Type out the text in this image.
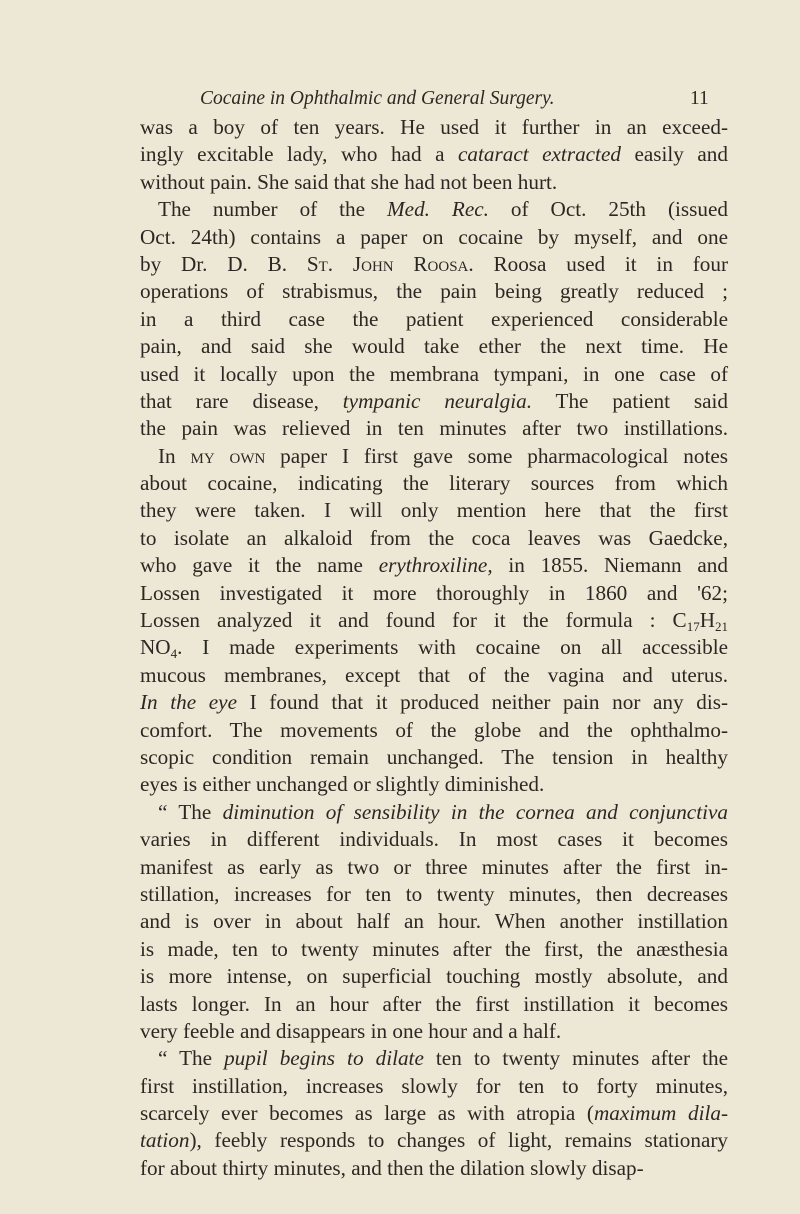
Cocaine in Ophthalmic and General Surgery.	11
was a boy of ten years. He used it further in an exceed-
ingly excitable lady, who had a cataract extracted easily and
without pain. She said that she had not been hurt.
The number of the Med. Rec. of Oct. 25th (issued
Oct. 24th) contains a paper on cocaine by myself, and one
by Dr. D. B. St. John Roosa. Roosa used it in four
operations of strabismus, the pain being greatly reduced ;
in a third case the patient experienced considerable
pain, and said she would take ether the next time. He
used it locally upon the membrana tympani, in one case of
that rare disease, tympanic neuralgia. The patient said
the pain was relieved in ten minutes after two instillations.
In my own paper I first gave some pharmacological notes
about cocaine, indicating the literary sources from which
they were taken. I will only mention here that the first
to isolate an alkaloid from the coca leaves was Gaedcke,
who gave it the name erythroxiline, in 1855. Niemann and
Lossen investigated it more thoroughly in 1860 and '62;
Lossen analyzed it and found for it the formula : $C_{17}H_{21}$
$NO_4$. I made experiments with cocaine on all accessible
mucous membranes, except that of the vagina and uterus.
In the eye I found that it produced neither pain nor any dis-
comfort. The movements of the globe and the ophthalmo-
scopic condition remain unchanged. The tension in healthy
eyes is either unchanged or slightly diminished.
“ The diminution of sensibility in the cornea and conjunctiva
varies in different individuals. In most cases it becomes
manifest as early as two or three minutes after the first in-
stillation, increases for ten to twenty minutes, then decreases
and is over in about half an hour. When another instillation
is made, ten to twenty minutes after the first, the anæsthesia
is more intense, on superficial touching mostly absolute, and
lasts longer. In an hour after the first instillation it becomes
very feeble and disappears in one hour and a half.
“ The pupil begins to dilate ten to twenty minutes after the
first instillation, increases slowly for ten to forty minutes,
scarcely ever becomes as large as with atropia (maximum dila-
tation), feebly responds to changes of light, remains stationary
for about thirty minutes, and then the dilation slowly disap-
